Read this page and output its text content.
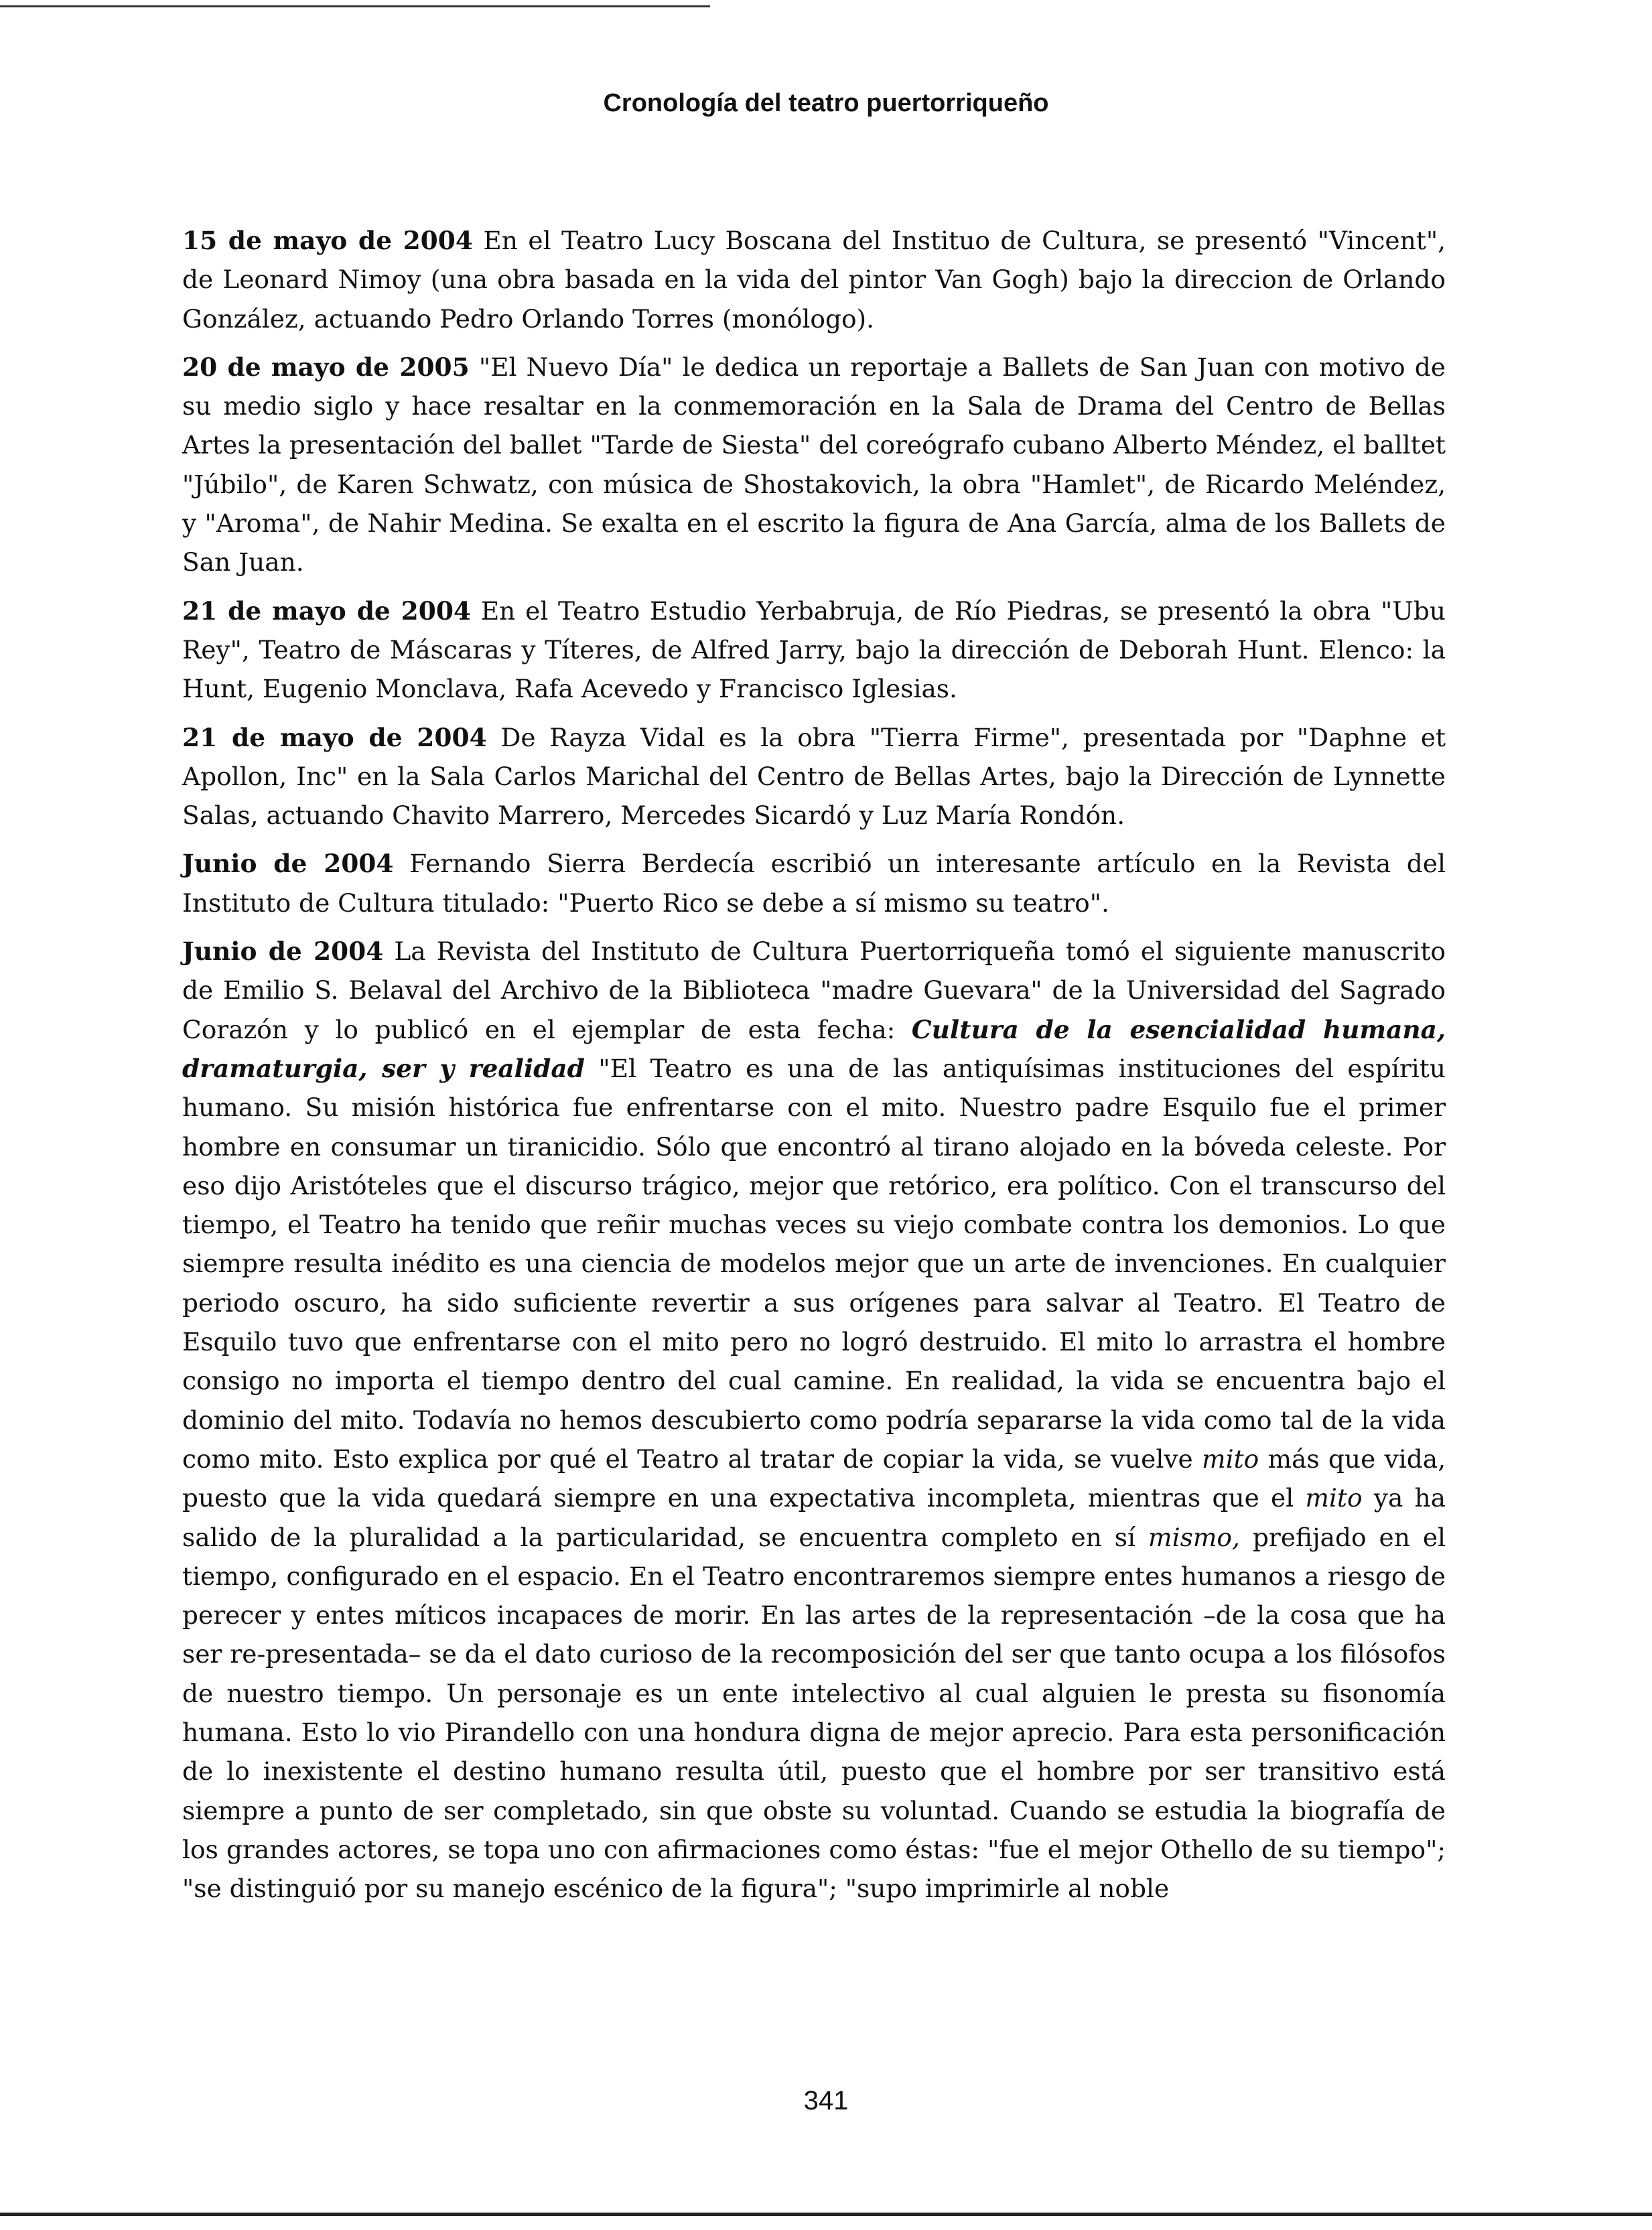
Cronología del teatro puertorriqueño

15 de mayo de 2004 En el Teatro Lucy Boscana del Instituo de Cultura, se presentó "Vincent", de Leonard Nimoy (una obra basada en la vida del pintor Van Gogh) bajo la direccion de Orlando González, actuando Pedro Orlando Torres (monólogo).

20 de mayo de 2005 "El Nuevo Día" le dedica un reportaje a Ballets de San Juan con motivo de su medio siglo y hace resaltar en la conmemoración en la Sala de Drama del Centro de Bellas Artes la presentación del ballet "Tarde de Siesta" del coreógrafo cubano Alberto Méndez, el balltet "Júbilo", de Karen Schwatz, con música de Shostakovich, la obra "Hamlet", de Ricardo Meléndez, y "Aroma", de Nahir Medina. Se exalta en el escrito la figura de Ana García, alma de los Ballets de San Juan.

21 de mayo de 2004 En el Teatro Estudio Yerbabruja, de Río Piedras, se presentó la obra "Ubu Rey", Teatro de Máscaras y Títeres, de Alfred Jarry, bajo la dirección de Deborah Hunt. Elenco: la Hunt, Eugenio Monclava, Rafa Acevedo y Francisco Iglesias.

21 de mayo de 2004 De Rayza Vidal es la obra "Tierra Firme", presentada por "Daphne et Apollon, Inc" en la Sala Carlos Marichal del Centro de Bellas Artes, bajo la Dirección de Lynnette Salas, actuando Chavito Marrero, Mercedes Sicardó y Luz María Rondón.

Junio de 2004 Fernando Sierra Berdecía escribió un interesante artículo en la Revista del Instituto de Cultura titulado: "Puerto Rico se debe a sí mismo su teatro".

Junio de 2004 La Revista del Instituto de Cultura Puertorriqueña tomó el siguiente manuscrito de Emilio S. Belaval del Archivo de la Biblioteca "madre Guevara" de la Universidad del Sagrado Corazón y lo publicó en el ejemplar de esta fecha: Cultura de la esencialidad humana, dramaturgia, ser y realidad "El Teatro es una de las antiquísimas instituciones del espíritu humano. Su misión histórica fue enfrentarse con el mito. Nuestro padre Esquilo fue el primer hombre en consumar un tiranicidio. Sólo que encontró al tirano alojado en la bóveda celeste. Por eso dijo Aristóteles que el discurso trágico, mejor que retórico, era político. Con el transcurso del tiempo, el Teatro ha tenido que reñir muchas veces su viejo combate contra los demonios. Lo que siempre resulta inédito es una ciencia de modelos mejor que un arte de invenciones. En cualquier periodo oscuro, ha sido suficiente revertir a sus orígenes para salvar al Teatro. El Teatro de Esquilo tuvo que enfrentarse con el mito pero no logró destruido. El mito lo arrastra el hombre consigo no importa el tiempo dentro del cual camine. En realidad, la vida se encuentra bajo el dominio del mito. Todavía no hemos descubierto como podría separarse la vida como tal de la vida como mito. Esto explica por qué el Teatro al tratar de copiar la vida, se vuelve mito más que vida, puesto que la vida quedará siempre en una expectativa incompleta, mientras que el mito ya ha salido de la pluralidad a la particularidad, se encuentra completo en sí mismo, prefijado en el tiempo, configurado en el espacio. En el Teatro encontraremos siempre entes humanos a riesgo de perecer y entes míticos incapaces de morir. En las artes de la representación –de la cosa que ha ser re-presentada– se da el dato curioso de la recomposición del ser que tanto ocupa a los filósofos de nuestro tiempo. Un personaje es un ente intelectivo al cual alguien le presta su fisonomía humana. Esto lo vio Pirandello con una hondura digna de mejor aprecio. Para esta personificación de lo inexistente el destino humano resulta útil, puesto que el hombre por ser transitivo está siempre a punto de ser completado, sin que obste su voluntad. Cuando se estudia la biografía de los grandes actores, se topa uno con afirmaciones como éstas: "fue el mejor Othello de su tiempo"; "se distinguió por su manejo escénico de la figura"; "supo imprimirle al noble

341
